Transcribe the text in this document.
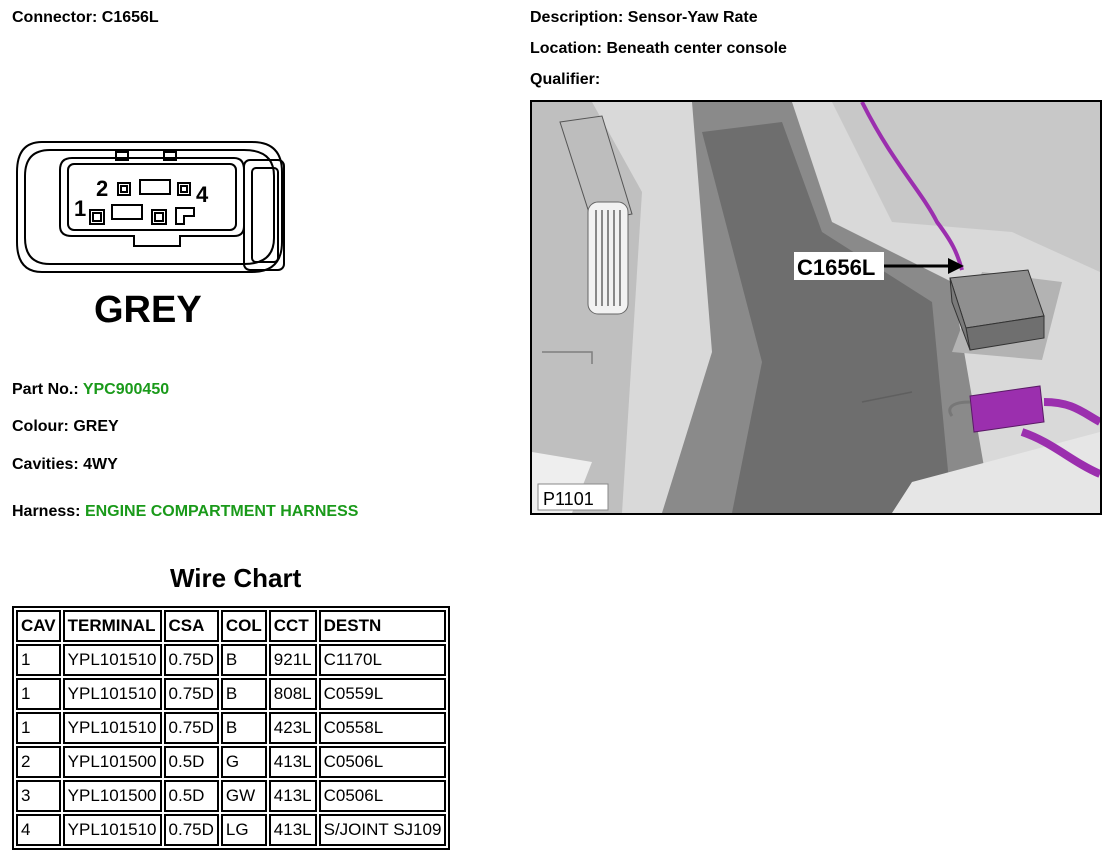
Connector: C1656L	Description: Sensor-Yaw Rate
Location: Beneath center console
Qualifier:
2
1
4
GREY
Part No.: YPC900450
Colour: GREY
Cavities: 4WY
Harness: ENGINE COMPARTMENT HARNESS
C1656L
P1101
Wire Chart
CAV	TERMINAL	CSA	COL	CCT	DESTN
1	YPL101510	0.75D	B	921L	C1170L
1	YPL101510	0.75D	B	808L	C0559L
1	YPL101510	0.75D	B	423L	C0558L
2	YPL101500	0.5D	G	413L	C0506L
3	YPL101500	0.5D	GW	413L	C0506L
4	YPL101510	0.75D	LG	413L	S/JOINT SJ109
